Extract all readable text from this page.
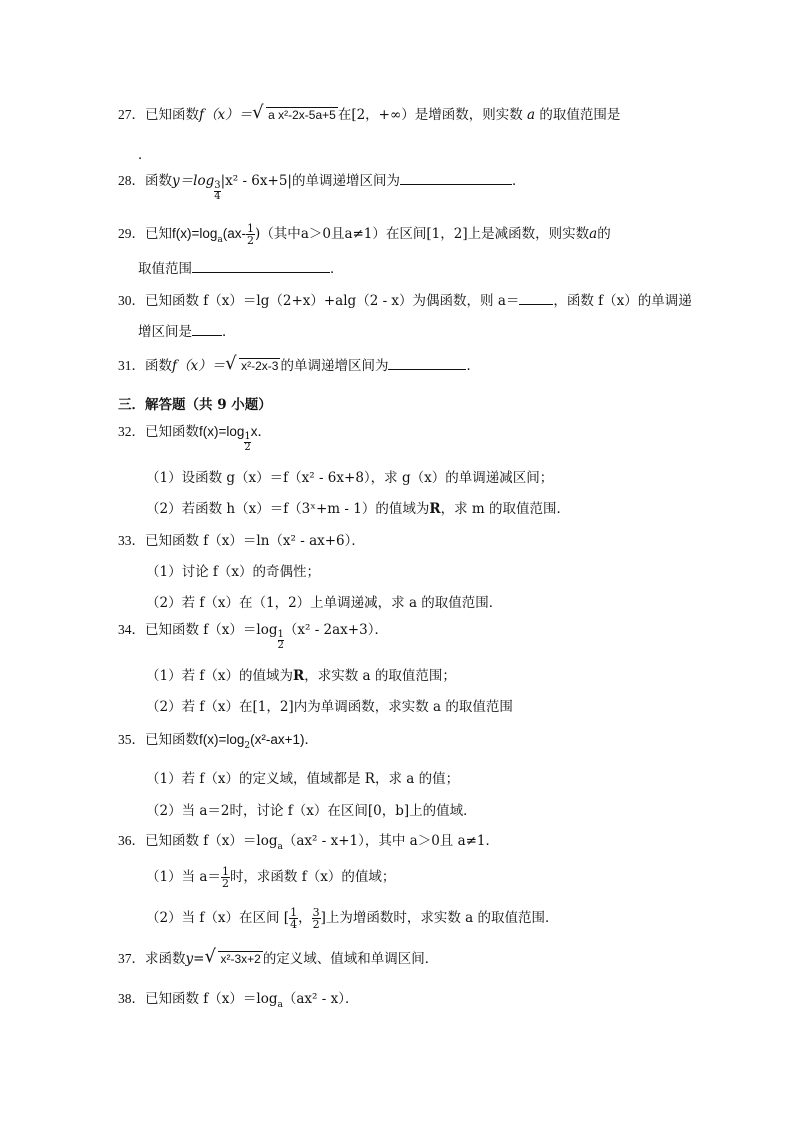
27．已知函数f（x）＝ √ a x²-2x-5a+5 在[2，+∞）是增函数，则实数 a 的取值范围是
．
28．函数$y=\log \frac{3}{4} |x^2 - 6x+5|$的单调递增区间为	．
29．已知$f(x)=\log_a(ax- \frac{1}{2}$ )（其中a＞0且a≠1）在区间[1，2]上是减函数，则实数a的
取值范围	．
30．已知函数 f（x）＝lg（2+x）+alg（2 - x）为偶函数，则 a＝	，函数 f（x）的单调递
增区间是 ．
31．函数f（x）＝ √ x²-2x-3 的单调递增区间为	．
三．解答题（共 9 小题）
32．已知函数f(x)=log
$\frac{1}{2}$
x．
（1）设函数 g（x）＝f（x² - 6x+8），求 g（x）的单调递减区间；
（2）若函数 h（x）＝f（3ˣ+m - 1）的值域为R，求 m 的取值范围．
33．已知函数 f（x）＝ln（x² - ax+6）．
（1）讨论 f（x）的奇偶性；
（2）若 f（x）在（1，2）上单调递减，求 a 的取值范围．
34．已知函数 $f(x)=\log \frac{1}{2} (x^2 - 2ax+3)$．
（1）若 f（x）的值域为R，求实数 a 的取值范围；
（2）若 f（x）在[1，2]内为单调函数，求实数 a 的取值范围
35．已知函数$f(x)=\log_2(x^2-ax+1)$．
（1）若 f（x）的定义域，值域都是 R，求 a 的值；
（2）当 a＝2时，讨论 f（x）在区间[0，b]上的值域．
36．已知函数 $f(x)=\log_a(ax^2 - x+1)$，其中 a＞0且 a≠1．
（1）当 $a= \frac{1}{2}$ 时，求函数 f（x）的值域；
（2）当 f（x）在区间 [ $\frac{1}{4}$ ， $\frac{3}{2}$ ]上为增函数时，求实数 a 的取值范围．
37．求函数y= √ x²-3x+2 的定义域、值域和单调区间．
38．已知函数 $f(x)=\log_a(ax^2 - x)$．
